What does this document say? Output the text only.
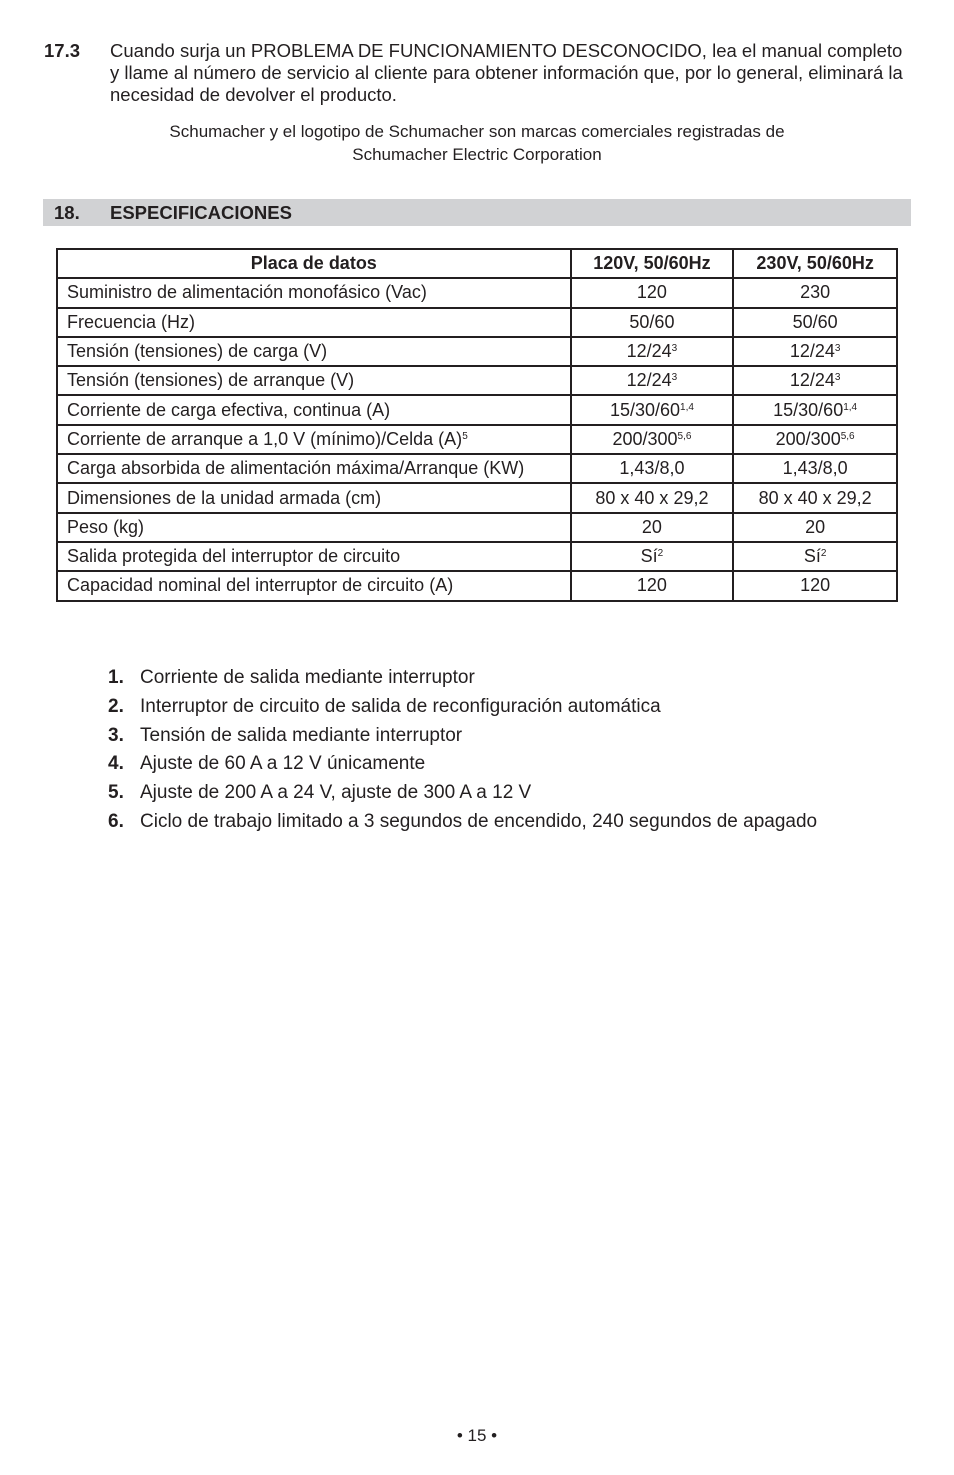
17.3 Cuando surja un PROBLEMA DE FUNCIONAMIENTO DESCONOCIDO, lea el manual completo y llame al número de servicio al cliente para obtener información que, por lo general, eliminará la necesidad de devolver el producto.
Schumacher y el logotipo de Schumacher son marcas comerciales registradas de
Schumacher Electric Corporation
18. ESPECIFICACIONES
Placa de datos	120V, 50/60Hz	230V, 50/60Hz
Suministro de alimentación monofásico (Vac)	120	230
Frecuencia (Hz)	50/60	50/60
Tensión (tensiones) de carga (V)	$12/24^3$	$12/24^3$
Tensión (tensiones) de arranque (V)	$12/24^3$	$12/24^3$
Corriente de carga efectiva, continua (A)	15/30/60$^{1,4}$	15/30/60$^{1,4}$
Corriente de arranque a 1,0 V (mínimo)/Celda $(A)^5$	200/300$^{5,6}$	200/300$^{5,6}$
Carga absorbida de alimentación máxima/Arranque (KW)	1,43/8,0	1,43/8,0
Dimensiones de la unidad armada (cm)	80 x 40 x 29,2	80 x 40 x 29,2
Peso (kg)	20	20
Salida protegida del interruptor de circuito	$Sí^2$	$Sí^2$
Capacidad nominal del interruptor de circuito (A)	120	120
1. Corriente de salida mediante interruptor
2. Interruptor de circuito de salida de reconfiguración automática
3. Tensión de salida mediante interruptor
4. Ajuste de 60 A a 12 V únicamente
5. Ajuste de 200 A a 24 V, ajuste de 300 A a 12 V
6. Ciclo de trabajo limitado a 3 segundos de encendido, 240 segundos de apagado
• 15 •
